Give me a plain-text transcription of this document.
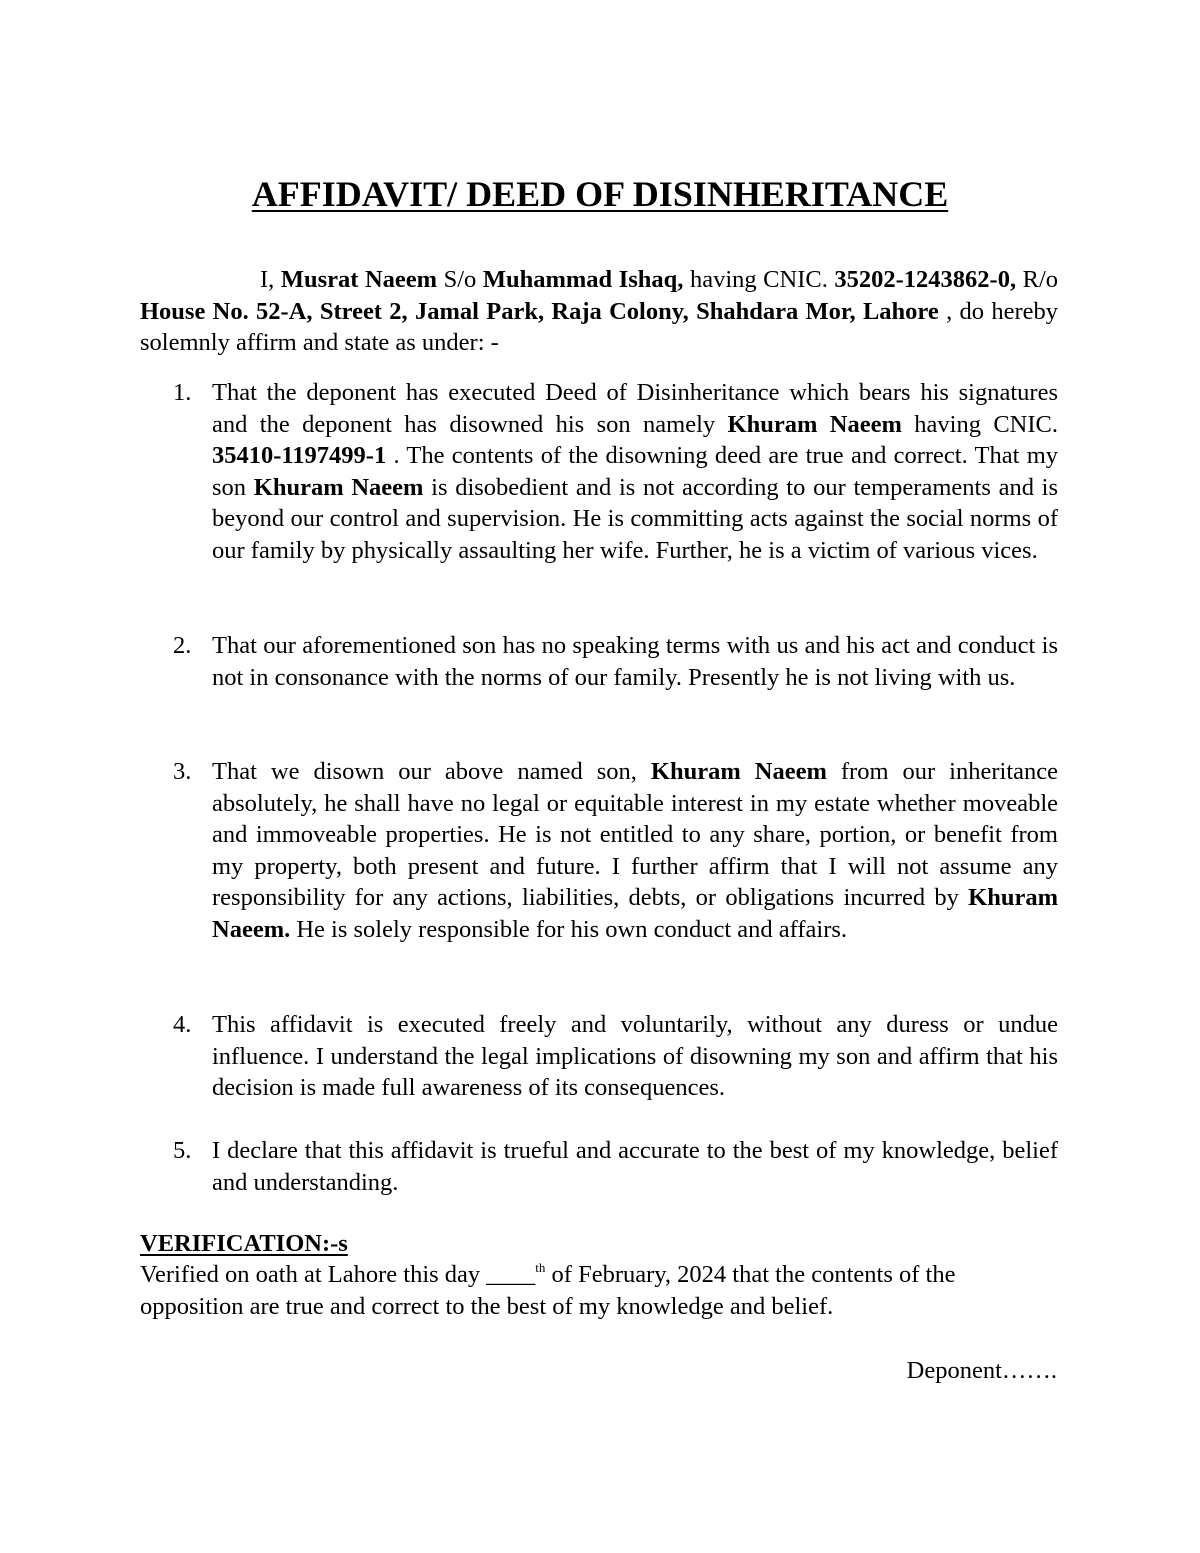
AFFIDAVIT/ DEED OF DISINHERITANCE
I, Musrat Naeem S/o Muhammad Ishaq, having CNIC. 35202-1243862-0, R/o House No. 52-A, Street 2, Jamal Park, Raja Colony, Shahdara Mor, Lahore , do hereby solemnly affirm and state as under: -
1. That the deponent has executed Deed of Disinheritance which bears his signatures and the deponent has disowned his son namely Khuram Naeem having CNIC. 35410-1197499-1 . The contents of the disowning deed are true and correct. That my son Khuram Naeem is disobedient and is not according to our temperaments and is beyond our control and supervision. He is committing acts against the social norms of our family by physically assaulting her wife. Further, he is a victim of various vices.
2. That our aforementioned son has no speaking terms with us and his act and conduct is not in consonance with the norms of our family. Presently he is not living with us.
3. That we disown our above named son, Khuram Naeem from our inheritance absolutely, he shall have no legal or equitable interest in my estate whether moveable and immoveable properties. He is not entitled to any share, portion, or benefit from my property, both present and future. I further affirm that I will not assume any responsibility for any actions, liabilities, debts, or obligations incurred by Khuram Naeem. He is solely responsible for his own conduct and affairs.
4. This affidavit is executed freely and voluntarily, without any duress or undue influence. I understand the legal implications of disowning my son and affirm that his decision is made full awareness of its consequences.
5. I declare that this affidavit is trueful and accurate to the best of my knowledge, belief and understanding.
VERIFICATION:-s
Verified on oath at Lahore this day ____$^{th}$ of February, 2024 that the contents of the opposition are true and correct to the best of my knowledge and belief.
Deponent…….
